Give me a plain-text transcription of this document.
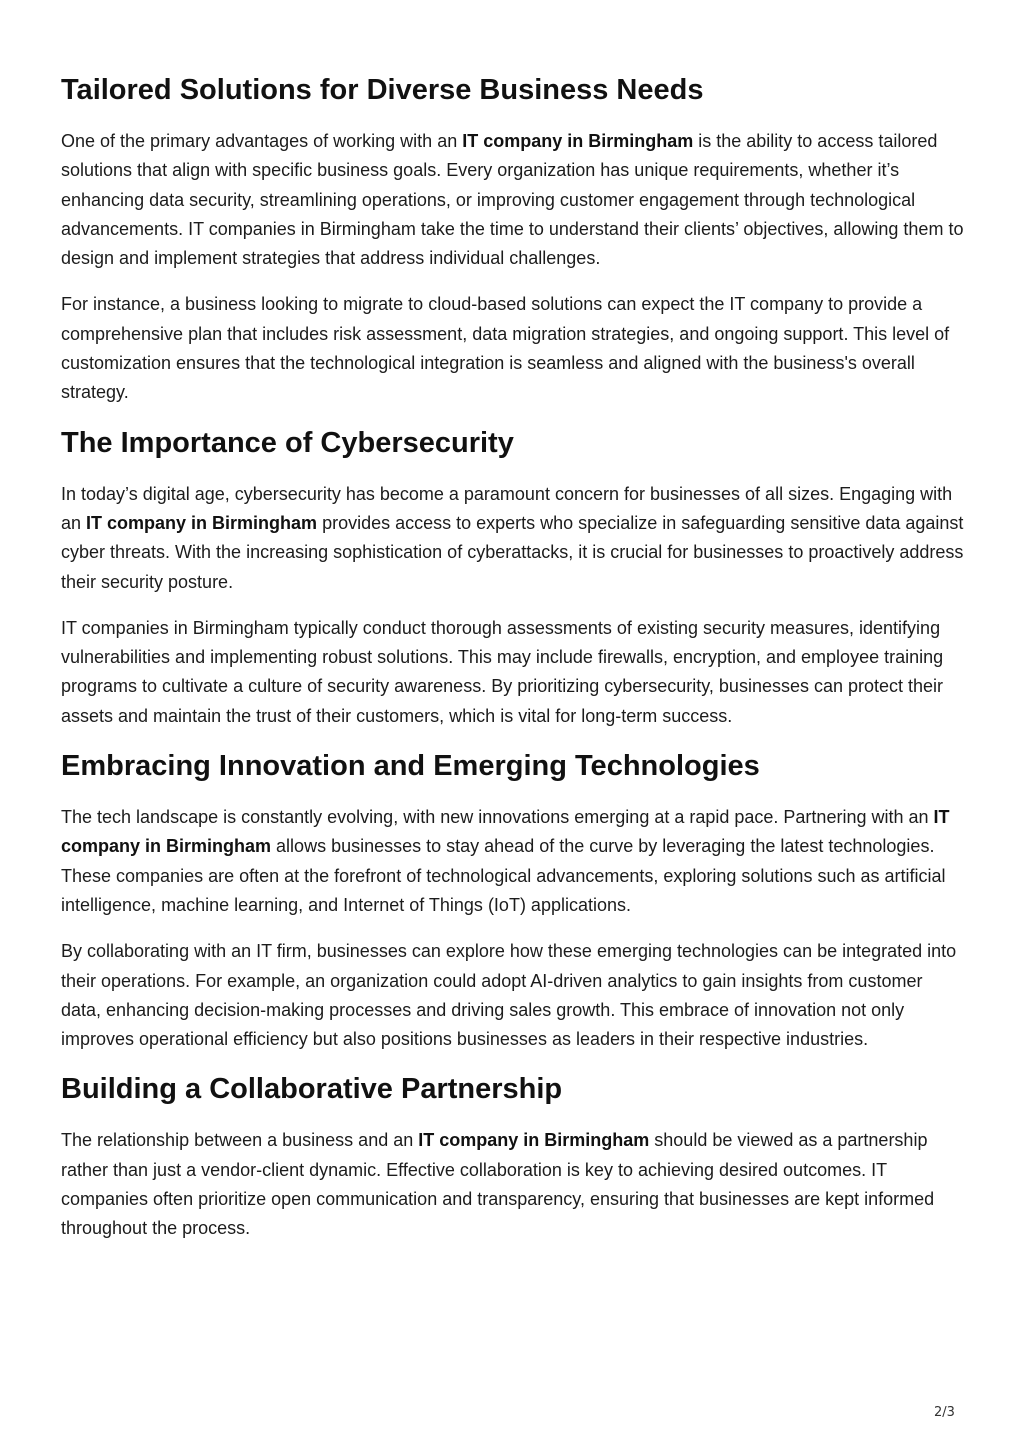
Tailored Solutions for Diverse Business Needs

One of the primary advantages of working with an IT company in Birmingham is the ability to access tailored solutions that align with specific business goals. Every organization has unique requirements, whether it’s enhancing data security, streamlining operations, or improving customer engagement through technological advancements. IT companies in Birmingham take the time to understand their clients’ objectives, allowing them to design and implement strategies that address individual challenges.

For instance, a business looking to migrate to cloud-based solutions can expect the IT company to provide a comprehensive plan that includes risk assessment, data migration strategies, and ongoing support. This level of customization ensures that the technological integration is seamless and aligned with the business's overall strategy.

The Importance of Cybersecurity

In today’s digital age, cybersecurity has become a paramount concern for businesses of all sizes. Engaging with an IT company in Birmingham provides access to experts who specialize in safeguarding sensitive data against cyber threats. With the increasing sophistication of cyberattacks, it is crucial for businesses to proactively address their security posture.

IT companies in Birmingham typically conduct thorough assessments of existing security measures, identifying vulnerabilities and implementing robust solutions. This may include firewalls, encryption, and employee training programs to cultivate a culture of security awareness. By prioritizing cybersecurity, businesses can protect their assets and maintain the trust of their customers, which is vital for long-term success.

Embracing Innovation and Emerging Technologies

The tech landscape is constantly evolving, with new innovations emerging at a rapid pace. Partnering with an IT company in Birmingham allows businesses to stay ahead of the curve by leveraging the latest technologies. These companies are often at the forefront of technological advancements, exploring solutions such as artificial intelligence, machine learning, and Internet of Things (IoT) applications.

By collaborating with an IT firm, businesses can explore how these emerging technologies can be integrated into their operations. For example, an organization could adopt AI-driven analytics to gain insights from customer data, enhancing decision-making processes and driving sales growth. This embrace of innovation not only improves operational efficiency but also positions businesses as leaders in their respective industries.

Building a Collaborative Partnership

The relationship between a business and an IT company in Birmingham should be viewed as a partnership rather than just a vendor-client dynamic. Effective collaboration is key to achieving desired outcomes. IT companies often prioritize open communication and transparency, ensuring that businesses are kept informed throughout the process.

2/3
